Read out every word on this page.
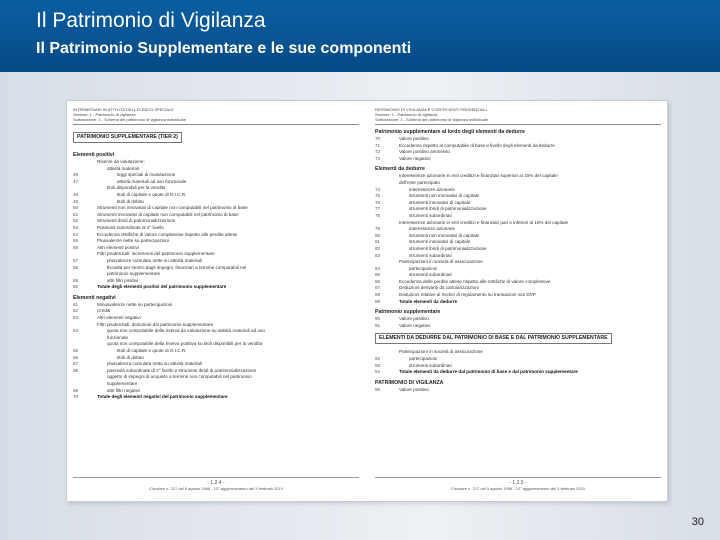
Il Patrimonio di Vigilanza
Il Patrimonio Supplementare e le sue componenti
INTERMEDIARI IN ATTIVITÀ DELL'ELENCO SPECIALE
Sezione: 1 - Patrimonio di vigilanza
Sottosezione: 1 - Schema del patrimonio di vigilanza individuale
PATRIMONIO SUPPLEMENTARE (TIER 2)
Elementi positivi
Riserve da valutazione:
attività materiali
46	leggi speciali di rivalutazione
47	attività materiali ad uso funzionale
titoli disponibili per la vendita
48	titoli di capitale e quote di O.I.C.R.
49	titoli di debito
50	Strumenti non innovativi di capitale non computabili nel patrimonio di base
51	Strumenti innovativi di capitale non computabili nel patrimonio di base
52	Strumenti ibridi di patrimonializzazione
53	Passività subordinate di 2° livello
54	Eccedenza rettifiche di valore complessive rispetto alle perdite attese
55	Plusvalenze nette su partecipazioni
56	Altri elementi positivi
Filtri prudenziali: incrementi del patrimonio supplementare
57	plusvalenze cumulate nette su attività materiali
58	fiscalità per rientro dagli impegni, finanziari a termine computabili nel
patrimonio supplementare
59	altri filtri positivi
60	Totale degli elementi positivi del patrimonio supplementare
Elementi negativi
61	Minusvalenze nette su partecipazioni
62	Crediti
63	Altri elementi negativi
Filtri prudenziali: deduzioni dal patrimonio supplementare
64	quota non computabile della riserva da valutazione su attività materiali ad uso
funzionale
quota non computabile della riserva positiva su titoli disponibili per la vendita
65	titoli di capitale e quote di O.I.C.R.
66	titoli di debito
67	plusvalenza cumulata netta su attività materiali
68	passività subordinate di 2° livello e strumenti ibridi di patrimonializzazione
oggetto di impegni di acquisto a termine non computabili nel patrimonio
supplementare
69	altri filtri negativi
70	Totale degli elementi negativi del patrimonio supplementare
- 1.2.4 -
Circolare n. 217 del 5 agosto 1996 - 12° aggiornamento del 3 febbraio 2010
PATRIMONIO DI VIGILANZA E COEFFICIENTI PRUDENZIALI
Sezione: 1 - Patrimonio di vigilanza
Sottosezione: 1 - Schema del patrimonio di vigilanza individuale
Patrimonio supplementare al lordo degli elementi da dedurre
70	Valore positivo
71	Eccedenza rispetto al computabile di base e livello degli elementi da dedurre
72	Valore positivo ammesso
73	Valore negativo
Elementi da dedurre
Interessenze azionarie in enti creditizi e finanziari superiori al 10% del capitale
dell'ente partecipato
74	interessenze azionarie
75	strumenti non innovativi di capitale
76	strumenti innovativi di capitale
77	strumenti ibridi di patrimonializzazione
78	strumenti subordinati
Interessenze azionarie in enti creditizi e finanziari pari o inferiori al 10% del capitale
79	interessenze azionarie
80	strumenti non innovativi di capitale
81	strumenti innovativi di capitale
82	strumenti ibridi di patrimonializzazione
83	strumenti subordinati
Partecipazioni in società di assicurazione
84	partecipazioni
85	strumenti subordinati
86	Eccedenza delle perdite attese rispetto alle rettifiche di valore complessive
87	Deduzioni derivanti da cartolarizzazioni
88	Deduzioni relative al rischio di regolamento su transazioni non DVP
89	Totale elementi da dedurre
Patrimonio supplementare
90	Valore positivo
91	Valore negativo
ELEMENTI DA DEDURRE DAL PATRIMONIO DI BASE E DAL PATRIMONIO SUPPLEMENTARE
Partecipazioni in società di assicurazione
92	partecipazioni
93	strumenti subordinati
94	Totale elementi da dedurre dal patrimonio di base e dal patrimonio supplementare
PATRIMONIO DI VIGILANZA
95	Valore positivo
- 1.2.5 -
Circolare n. 217 del 5 agosto 1996 - 12° aggiornamento del 3 febbraio 2010
30
